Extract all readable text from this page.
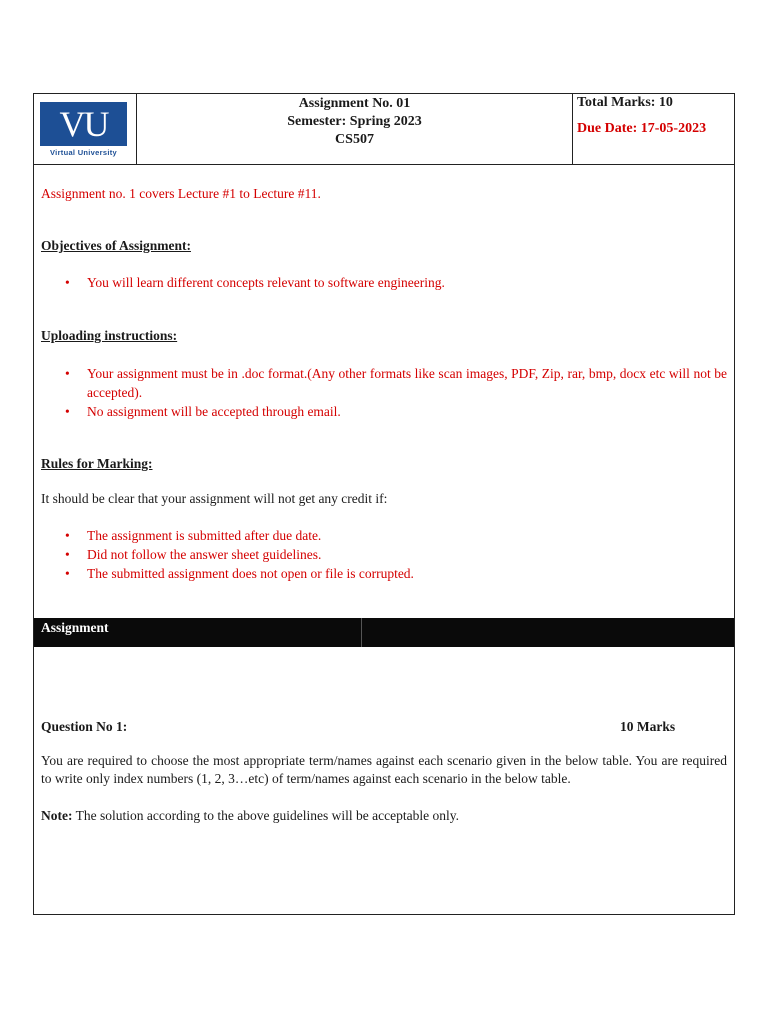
VU
Virtual University
Assignment No. 01
Semester: Spring 2023
CS507
Total Marks: 10
Due Date: 17-05-2023
Assignment no. 1 covers Lecture #1 to Lecture #11.
Objectives of Assignment:
• You will learn different concepts relevant to software engineering.
Uploading instructions:
• Your assignment must be in .doc format.(Any other formats like scan images, PDF, Zip, rar, bmp, docx etc will not be accepted).
• No assignment will be accepted through email.
Rules for Marking:
It should be clear that your assignment will not get any credit if:
• The assignment is submitted after due date.
• Did not follow the answer sheet guidelines.
• The submitted assignment does not open or file is corrupted.
Assignment
Question No 1:	10 Marks
You are required to choose the most appropriate term/names against each scenario given in the below table. You are required to write only index numbers (1, 2, 3…etc) of term/names against each scenario in the below table.
Note: The solution according to the above guidelines will be acceptable only.
